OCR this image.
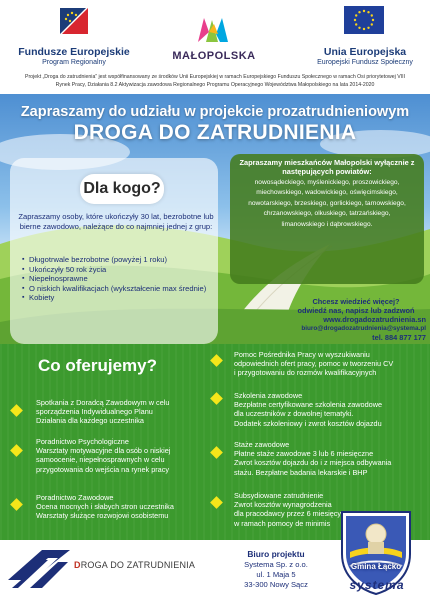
Fundusze Europejskie
Program Regionalny
MAŁOPOLSKA	Unia Europejska
Europejski Fundusz Społeczny
Projekt „Droga do zatrudnienia” jest współfinansowany ze środków Unii Europejskiej w ramach Europejskiego Funduszu Społecznego w ramach Osi priorytetowej VIII Rynek Pracy, Działania 8.2 Aktywizacja zawodowa Regionalnego Programu Operacyjnego Województwa Małopolskiego na lata 2014-2020
Zapraszamy do udziału w projekcie prozatrudnieniowym
DROGA DO ZATRUDNIENIA
Dla kogo?
Zapraszamy osoby, które ukończyły 30 lat, bezrobotne lub bierne zawodowo, należące do co najmniej jednej z grup:
▪ Długotrwale bezrobotne (powyżej 1 roku)
▪ Ukończyły 50 rok życia
▪ Niepełnosprawne
▪ O niskich kwalifikacjach (wykształcenie max średnie)
▪ Kobiety
Zapraszamy mieszkańców Małopolski wyłącznie z następujących powiatów:
nowosądeckiego, myślenickiego, proszowickiego,
miechowskiego, wadowickiego, oświęcimskiego,
nowotarskiego, brzeskiego, gorlickiego, tarnowskiego,
chrzanowskiego, olkuskiego, tatrzańskiego,
limanowskiego i dąbrowskiego.
Chcesz wiedzieć więcej?
odwiedź nas, napisz lub zadzwoń
www.drogadozatrudnienia.sn
biuro@drogadozatrudnienia@systema.pl
tel. 884 877 177
Co oferujemy?
Pomoc Pośrednika Pracy w wyszukiwaniu
odpowiednich ofert pracy, pomoc w tworzeniu CV
i przygotowaniu do rozmów kwalifikacyjnych
Spotkania z Doradcą Zawodowym w celu
sporządzenia Indywidualnego Planu
Działania dla każdego uczestnika
Szkolenia zawodowe
Bezpłatne certyfikowane szkolenia zawodowe
dla uczestników z dowolnej tematyki.
Dodatek szkoleniowy i zwrot kosztów dojazdu
Poradnictwo Psychologiczne
Warsztaty motywacyjne dla osób o niskiej
samoocenie, niepełnosprawnych w celu
przygotowania do wejścia na rynek pracy
Staże zawodowe
Płatne staże zawodowe 3 lub 6 miesięczne
Zwrot kosztów dojazdu do i z miejsca odbywania
stażu. Bezpłatne badania lekarskie i BHP
Poradnictwo Zawodowe
Ocena mocnych i słabych stron uczestnika
Warsztaty służące rozwojowi osobistemu
Subsydiowane zatrudnienie
Zwrot kosztów wynagrodzenia
dla pracodawcy przez 6 miesięcy
w ramach pomocy de minimis
DROGA DO ZATRUDNIENIA
Biuro projektu
Systema Sp. z o.o.
ul. 1 Maja 5
33-300 Nowy Sącz
Gmina Łącko
systema
